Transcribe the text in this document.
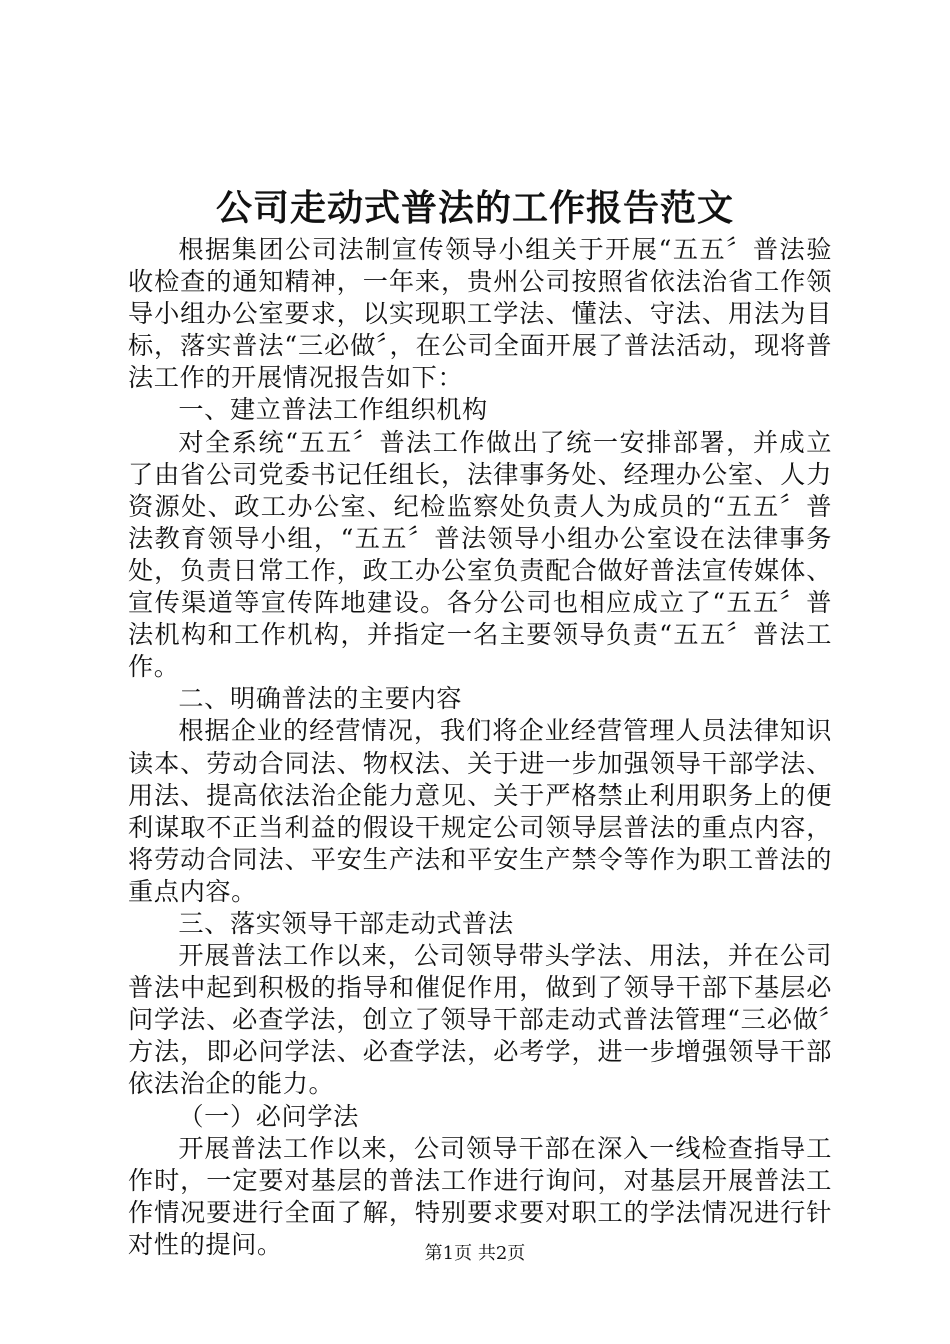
公司走动式普法的工作报告范文

根据集团公司法制宣传领导小组关于开展“五五〞普法验收检查的通知精神，一年来，贵州公司按照省依法治省工作领导小组办公室要求，以实现职工学法、懂法、守法、用法为目标，落实普法“三必做〞，在公司全面开展了普法活动，现将普法工作的开展情况报告如下：

一、建立普法工作组织机构

对全系统“五五〞普法工作做出了统一安排部署，并成立了由省公司党委书记任组长，法律事务处、经理办公室、人力资源处、政工办公室、纪检监察处负责人为成员的“五五〞普法教育领导小组，“五五〞普法领导小组办公室设在法律事务处，负责日常工作，政工办公室负责配合做好普法宣传媒体、宣传渠道等宣传阵地建设。各分公司也相应成立了“五五〞普法机构和工作机构，并指定一名主要领导负责“五五〞普法工作。

二、明确普法的主要内容

根据企业的经营情况，我们将企业经营管理人员法律知识读本、劳动合同法、物权法、关于进一步加强领导干部学法、用法、提高依法治企能力意见、关于严格禁止利用职务上的便利谋取不正当利益的假设干规定公司领导层普法的重点内容，将劳动合同法、平安生产法和平安生产禁令等作为职工普法的重点内容。

三、落实领导干部走动式普法

开展普法工作以来，公司领导带头学法、用法，并在公司普法中起到积极的指导和催促作用，做到了领导干部下基层必问学法、必查学法，创立了领导干部走动式普法管理“三必做〞方法，即必问学法、必查学法，必考学，进一步增强领导干部依法治企的能力。

（一）必问学法

开展普法工作以来，公司领导干部在深入一线检查指导工作时，一定要对基层的普法工作进行询问，对基层开展普法工作情况要进行全面了解，特别要求要对职工的学法情况进行针对性的提问。	第1页 共2页
